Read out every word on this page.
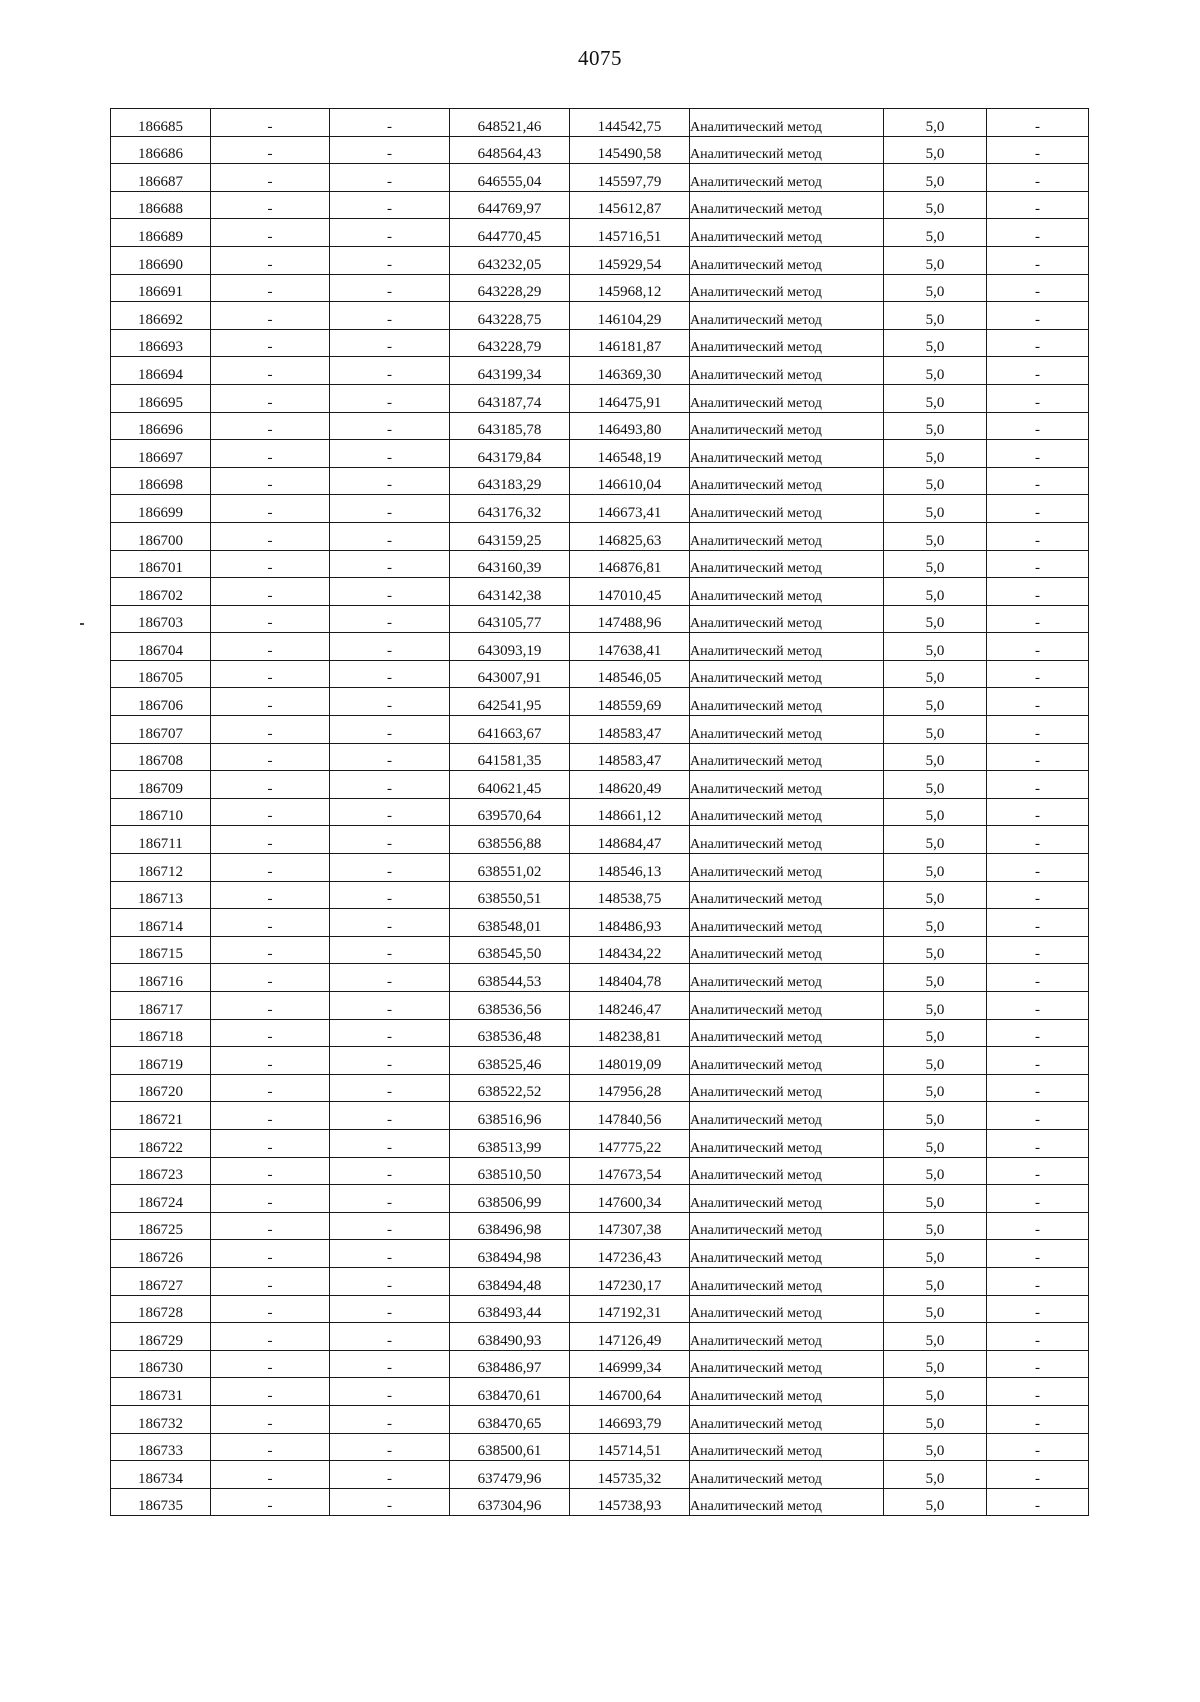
4075
186685	-	-	648521,46	144542,75	Аналитический метод	5,0	-
186686	-	-	648564,43	145490,58	Аналитический метод	5,0	-
186687	-	-	646555,04	145597,79	Аналитический метод	5,0	-
186688	-	-	644769,97	145612,87	Аналитический метод	5,0	-
186689	-	-	644770,45	145716,51	Аналитический метод	5,0	-
186690	-	-	643232,05	145929,54	Аналитический метод	5,0	-
186691	-	-	643228,29	145968,12	Аналитический метод	5,0	-
186692	-	-	643228,75	146104,29	Аналитический метод	5,0	-
186693	-	-	643228,79	146181,87	Аналитический метод	5,0	-
186694	-	-	643199,34	146369,30	Аналитический метод	5,0	-
186695	-	-	643187,74	146475,91	Аналитический метод	5,0	-
186696	-	-	643185,78	146493,80	Аналитический метод	5,0	-
186697	-	-	643179,84	146548,19	Аналитический метод	5,0	-
186698	-	-	643183,29	146610,04	Аналитический метод	5,0	-
186699	-	-	643176,32	146673,41	Аналитический метод	5,0	-
186700	-	-	643159,25	146825,63	Аналитический метод	5,0	-
186701	-	-	643160,39	146876,81	Аналитический метод	5,0	-
186702	-	-	643142,38	147010,45	Аналитический метод	5,0	-
186703	-	-	643105,77	147488,96	Аналитический метод	5,0	-
186704	-	-	643093,19	147638,41	Аналитический метод	5,0	-
186705	-	-	643007,91	148546,05	Аналитический метод	5,0	-
186706	-	-	642541,95	148559,69	Аналитический метод	5,0	-
186707	-	-	641663,67	148583,47	Аналитический метод	5,0	-
186708	-	-	641581,35	148583,47	Аналитический метод	5,0	-
186709	-	-	640621,45	148620,49	Аналитический метод	5,0	-
186710	-	-	639570,64	148661,12	Аналитический метод	5,0	-
186711	-	-	638556,88	148684,47	Аналитический метод	5,0	-
186712	-	-	638551,02	148546,13	Аналитический метод	5,0	-
186713	-	-	638550,51	148538,75	Аналитический метод	5,0	-
186714	-	-	638548,01	148486,93	Аналитический метод	5,0	-
186715	-	-	638545,50	148434,22	Аналитический метод	5,0	-
186716	-	-	638544,53	148404,78	Аналитический метод	5,0	-
186717	-	-	638536,56	148246,47	Аналитический метод	5,0	-
186718	-	-	638536,48	148238,81	Аналитический метод	5,0	-
186719	-	-	638525,46	148019,09	Аналитический метод	5,0	-
186720	-	-	638522,52	147956,28	Аналитический метод	5,0	-
186721	-	-	638516,96	147840,56	Аналитический метод	5,0	-
186722	-	-	638513,99	147775,22	Аналитический метод	5,0	-
186723	-	-	638510,50	147673,54	Аналитический метод	5,0	-
186724	-	-	638506,99	147600,34	Аналитический метод	5,0	-
186725	-	-	638496,98	147307,38	Аналитический метод	5,0	-
186726	-	-	638494,98	147236,43	Аналитический метод	5,0	-
186727	-	-	638494,48	147230,17	Аналитический метод	5,0	-
186728	-	-	638493,44	147192,31	Аналитический метод	5,0	-
186729	-	-	638490,93	147126,49	Аналитический метод	5,0	-
186730	-	-	638486,97	146999,34	Аналитический метод	5,0	-
186731	-	-	638470,61	146700,64	Аналитический метод	5,0	-
186732	-	-	638470,65	146693,79	Аналитический метод	5,0	-
186733	-	-	638500,61	145714,51	Аналитический метод	5,0	-
186734	-	-	637479,96	145735,32	Аналитический метод	5,0	-
186735	-	-	637304,96	145738,93	Аналитический метод	5,0	-
